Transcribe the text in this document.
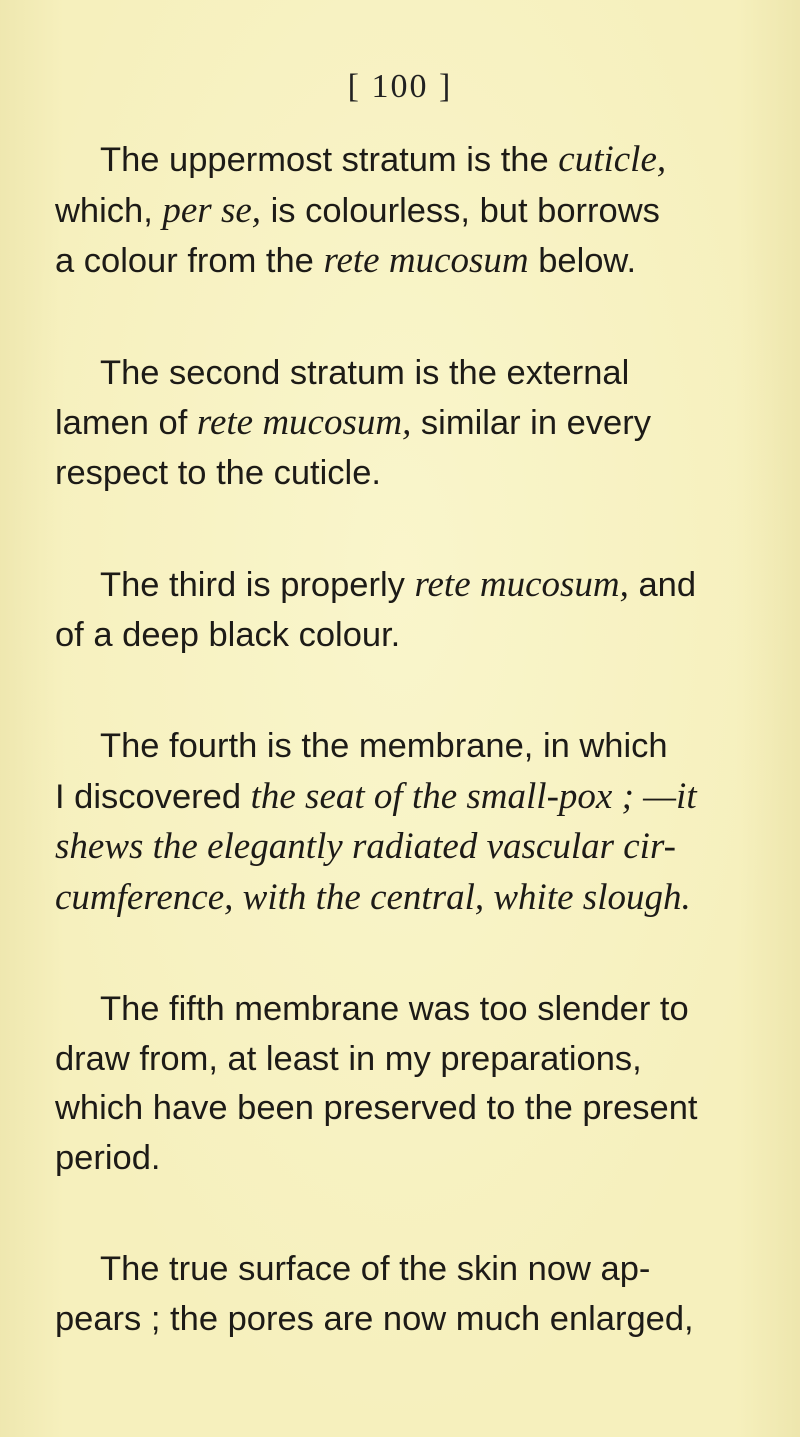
[ 100 ]
The uppermost stratum is the cuticle,
which, per se, is colourless, but borrows
a colour from the rete mucosum below.
The second stratum is the external
lamen of rete mucosum, similar in every
respect to the cuticle.
The third is properly rete mucosum, and
of a deep black colour.
The fourth is the membrane, in which
I discovered the seat of the small-pox ; —it
shews the elegantly radiated vascular cir-
cumference, with the central, white slough.
The fifth membrane was too slender to
draw from, at least in my preparations,
which have been preserved to the present
period.
The true surface of the skin now ap-
pears ; the pores are now much enlarged,
